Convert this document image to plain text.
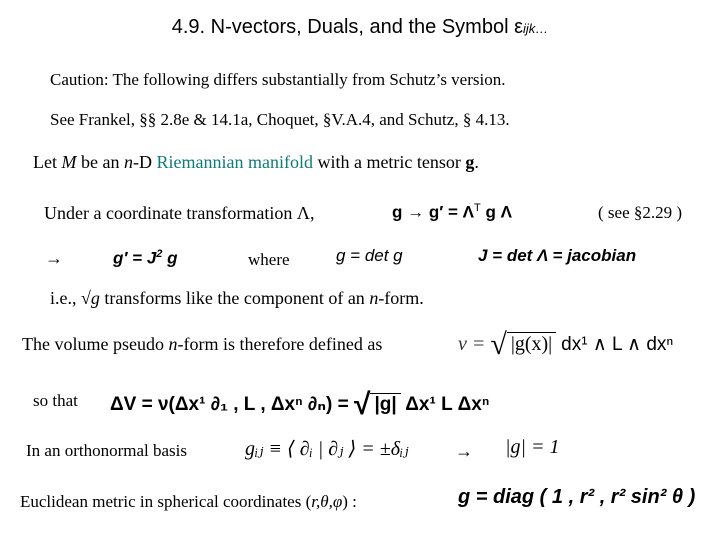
4.9. N-vectors, Duals, and the Symbol εijk…
Caution: The following differs substantially from Schutz’s version.
See Frankel, §§ 2.8e & 14.1a, Choquet, §V.A.4, and Schutz, § 4.13.
Let M be an n-D Riemannian manifold with a metric tensor g.
Under a coordinate transformation Λ,	$g \to g' = \Lambda^T$ g Λ	( see §2.29 )
→	$g' = J^2$ g	where	g = det g	J = det Λ = jacobian
i.e., √g transforms like the component of an n-form.
The volume pseudo n-form is therefore defined as	ν = √ |g(x)| dx¹ ∧ L ∧ dxⁿ
so that ΔV = ν(Δx¹ ∂₁ , L , Δxⁿ ∂ₙ) = √ |g| Δx¹ L Δxⁿ
In an orthonormal basis	gᵢⱼ ≡ ⟨ ∂ᵢ | ∂ⱼ ⟩ = ±δᵢⱼ	→ |g| = 1
Euclidean metric in spherical coordinates (r,θ,φ) :	g = diag ( 1 , r² , r² sin² θ )
